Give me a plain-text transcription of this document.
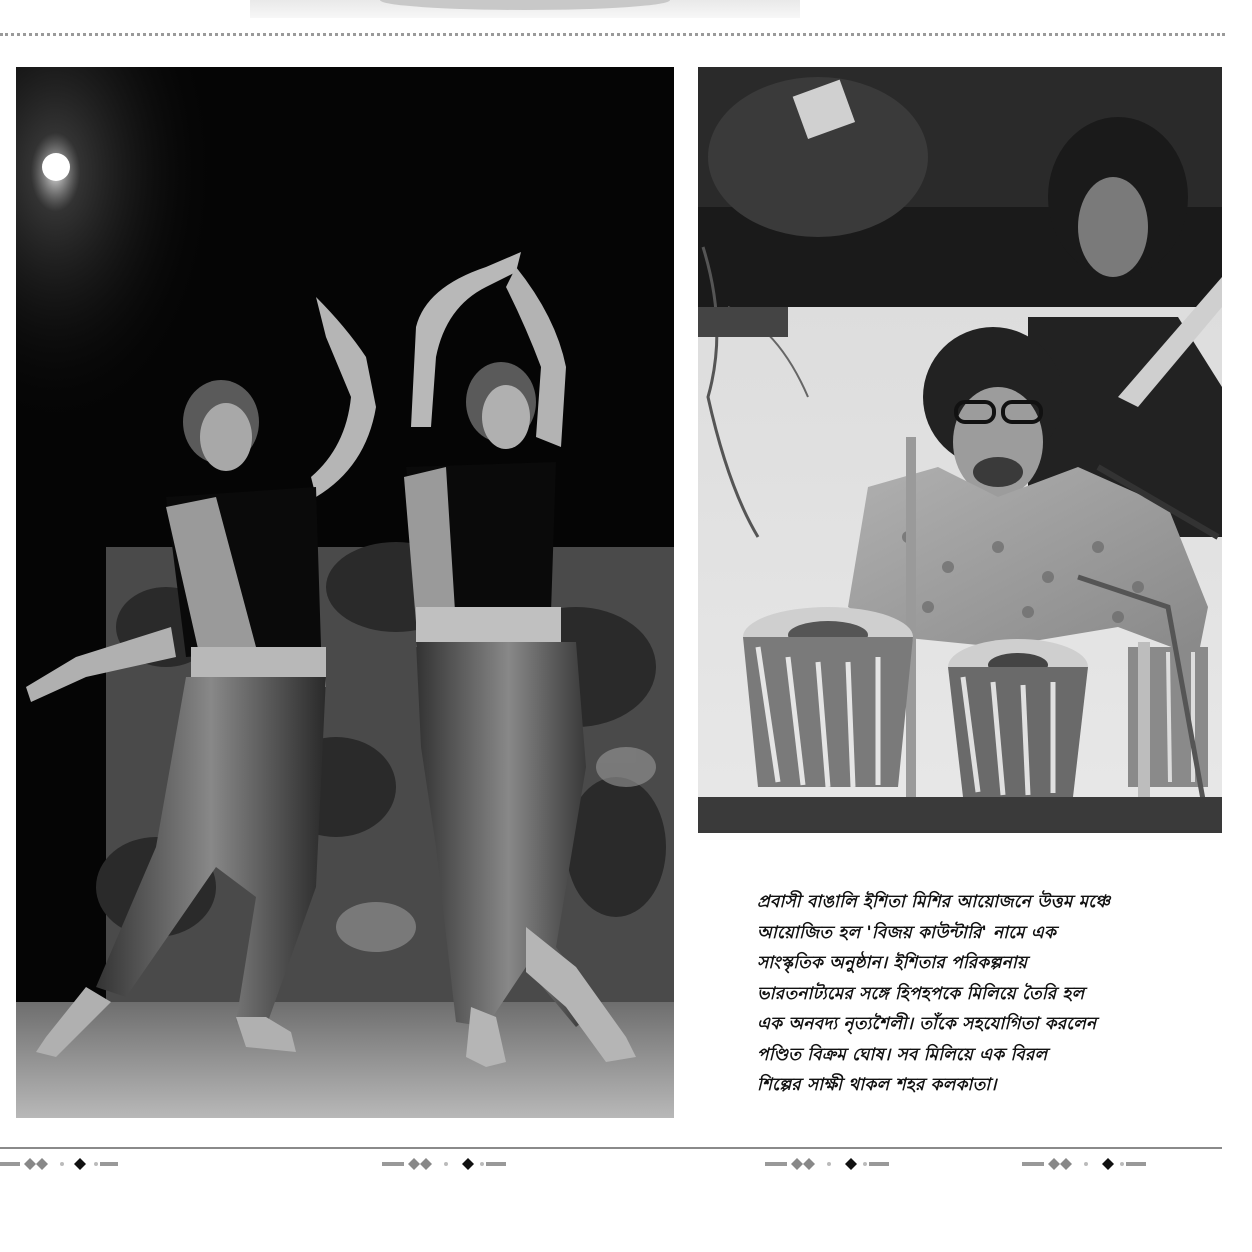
প্রবাসী বাঙালি ইশিতা মিশির আয়োজনে উত্তম মঞ্চে

আয়োজিত হল 'বিজয় কাউন্টারি' নামে এক

সাংস্কৃতিক অনুষ্ঠান। ইশিতার পরিকল্পনায়

ভারতনাট্যমের সঙ্গে হিপহপকে মিলিয়ে তৈরি হল

এক অনবদ্য নৃত্যশৈলী। তাঁকে সহযোগিতা করলেন

পণ্ডিত বিক্রম ঘোষ। সব মিলিয়ে এক বিরল

শিল্পের সাক্ষী থাকল শহর কলকাতা।
